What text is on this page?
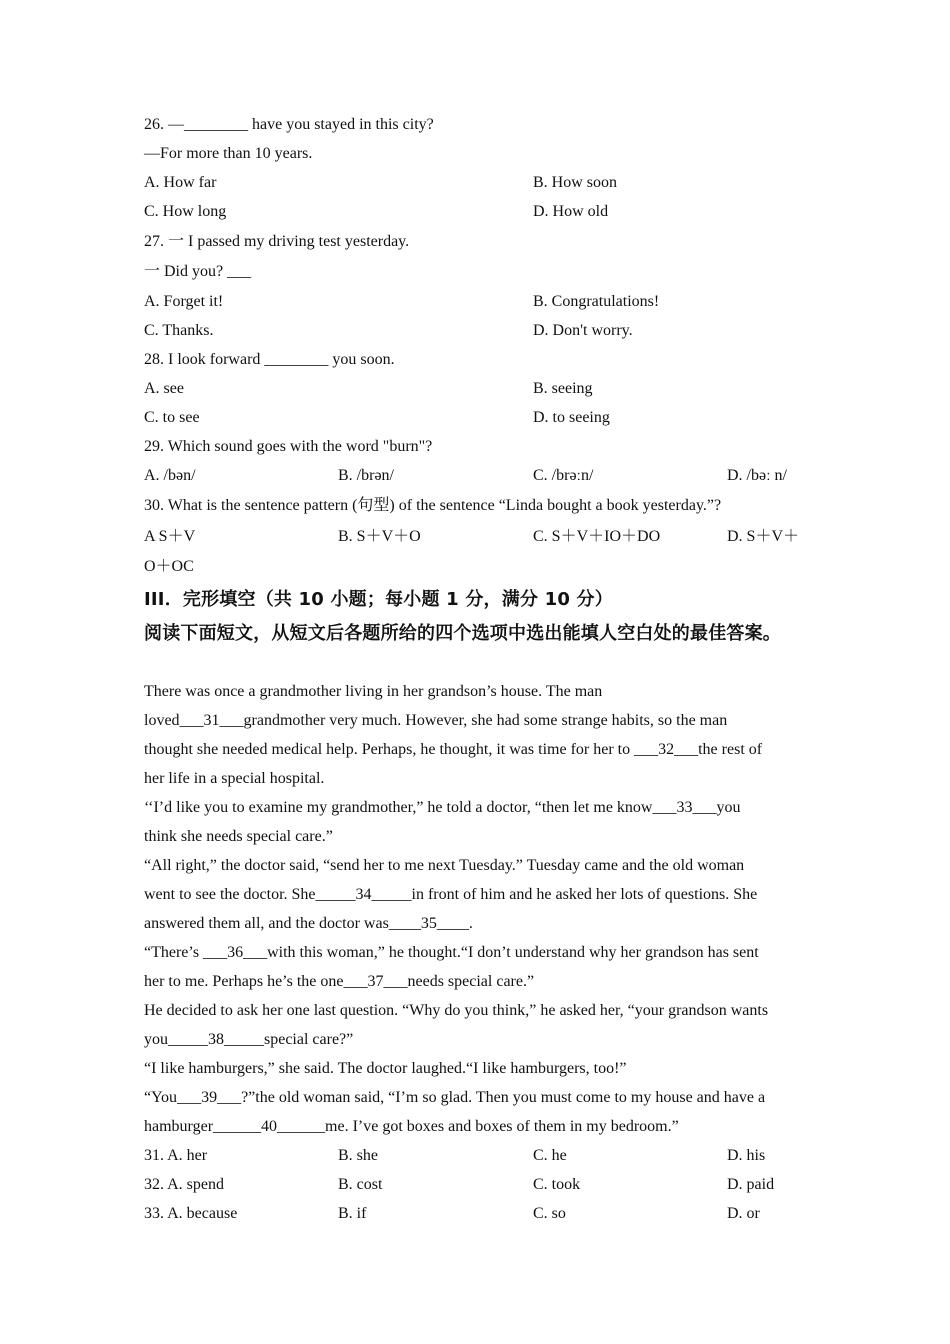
26. —________ have you stayed in this city?
—For more than 10 years.
A. How far	B. How soon
C. How long	D. How old
27. 一 I passed my driving test yesterday.
一 Did you? ___
A. Forget it!	B. Congratulations!
C. Thanks.	D. Don't worry.
28. I look forward ________ you soon.
A. see	B. seeing
C. to see	D. to seeing
29. Which sound goes with the word "burn"?
A. /bən/	B. /brən/	C. /brəːn/	D. /bəː n/
30. What is the sentence pattern (句型) of the sentence “Linda bought a book yesterday.”?
A S＋V	B. S＋V＋O	C. S＋V＋IO＋DO	D. S＋V＋
O＋OC
III．完形填空（共 10 小题；每小题 1 分，满分 10 分）
阅读下面短文，从短文后各题所给的四个选项中选出能填人空白处的最佳答案。
There was once a grandmother living in her grandson’s house. The man
loved___31___grandmother very much. However, she had some strange habits, so the man
thought she needed medical help. Perhaps, he thought, it was time for her to ___32___the rest of
her life in a special hospital.
‘‘I’d like you to examine my grandmother,” he told a doctor, “then let me know___33___you
think she needs special care.”
“All right,” the doctor said, “send her to me next Tuesday.” Tuesday came and the old woman
went to see the doctor. She_____34_____in front of him and he asked her lots of questions. She
answered them all, and the doctor was____35____.
“There’s ___36___with this woman,” he thought.“I don’t understand why her grandson has sent
her to me. Perhaps he’s the one___37___needs special care.”
He decided to ask her one last question. “Why do you think,” he asked her, “your grandson wants
you_____38_____special care?”
“I like hamburgers,” she said. The doctor laughed.“I like hamburgers, too!”
“You___39___?”the old woman said, “I’m so glad. Then you must come to my house and have a
hamburger______40______me. I’ve got boxes and boxes of them in my bedroom.”
31. A. her	B. she	C. he	D. his
32. A. spend	B. cost	C. took	D. paid
33. A. because	B. if	C. so	D. or
